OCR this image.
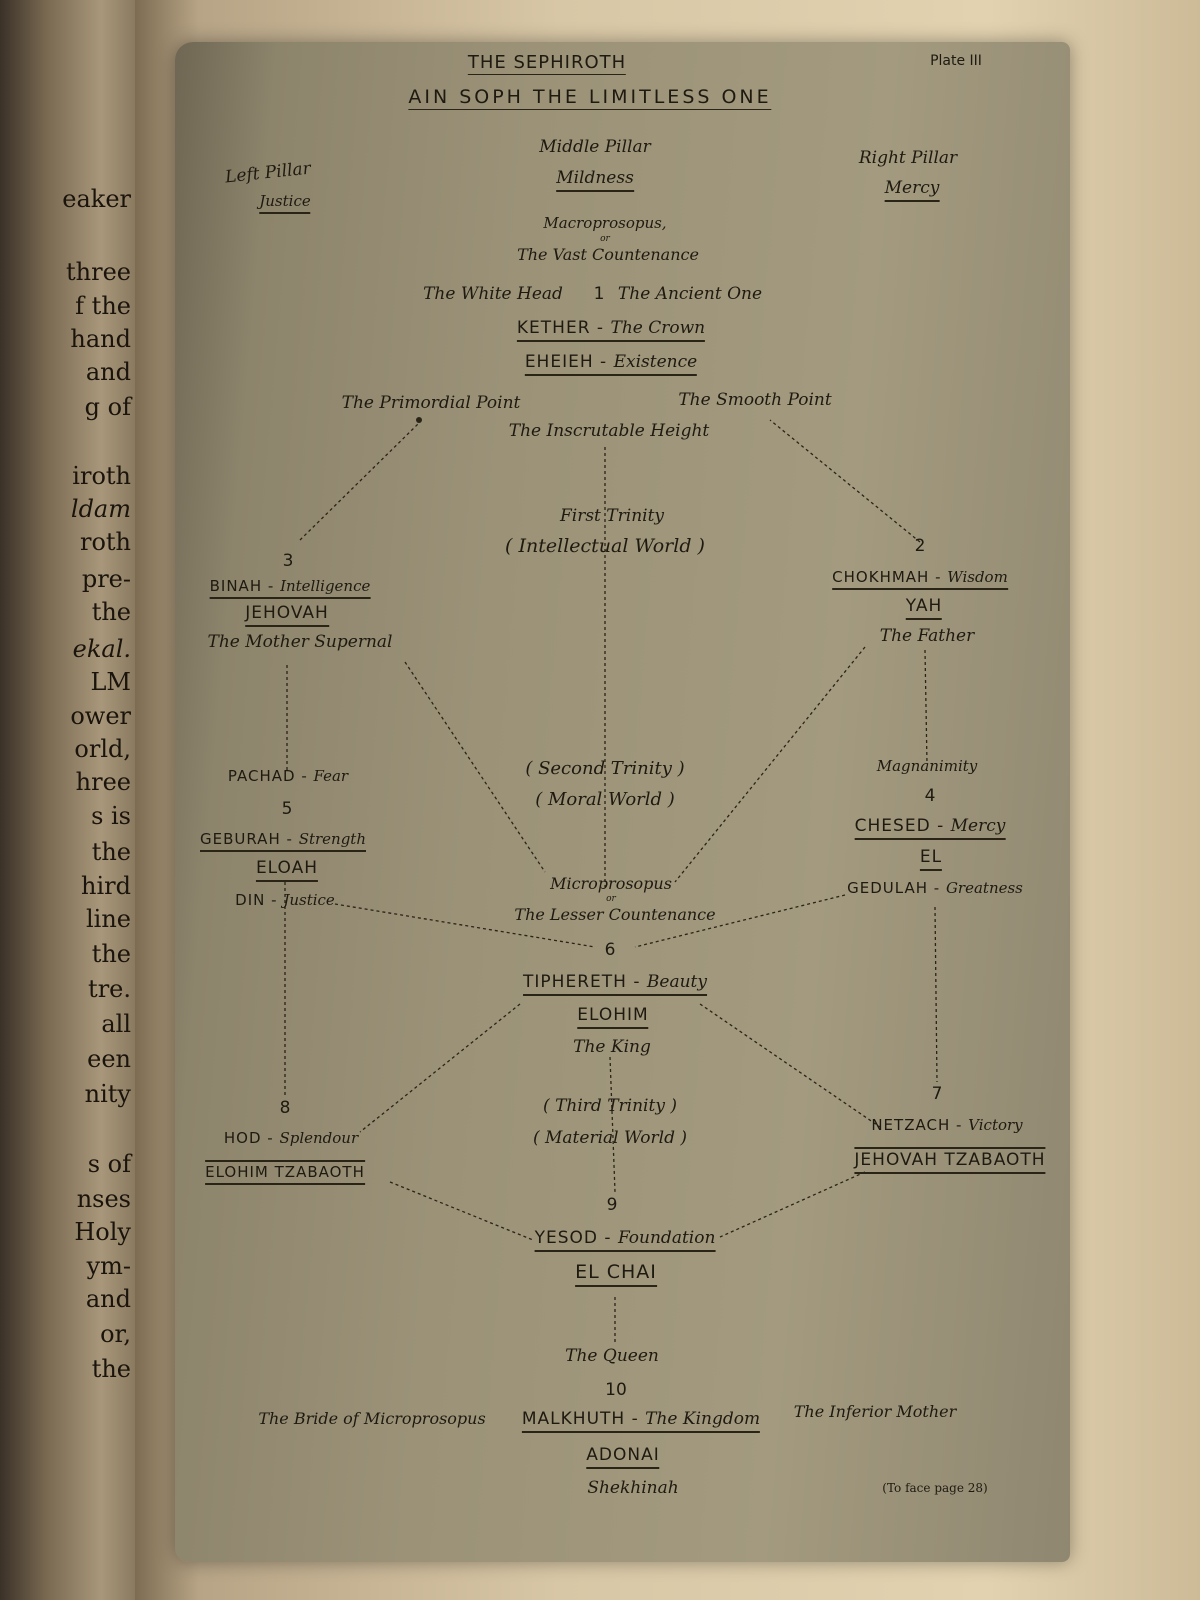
eaker
three
f the
hand
and
g of
iroth
ldam
roth
pre-
the
ekal.
LM
ower
orld,
hree
s is
the
hird
line
the
tre.
all
een
nity
s of
nses
Holy
ym-
and
or,
the
THE SEPHIROTH
AIN SOPH THE LIMITLESS ONE
Plate III
Left Pillar
Justice
Middle Pillar
Mildness
Right Pillar
Mercy
Macroprosopus,
or
The Vast Countenance
The White Head 1 The Ancient One
KETHER - The Crown
EHEIEH - Existence
The Primordial Point	The Smooth Point
The Inscrutable Height
First Trinity
( Intellectual World )
3
BINAH - Intelligence
JEHOVAH
The Mother Supernal
2
CHOKHMAH - Wisdom
YAH
The Father
( Second Trinity )
( Moral World )
PACHAD - Fear
5
GEBURAH - Strength
ELOAH
DIN - Justice
Magnanimity
4
CHESED - Mercy
EL
GEDULAH - Greatness
Microprosopus
or
The Lesser Countenance
6
TIPHERETH - Beauty
ELOHIM
The King
( Third Trinity )
( Material World )
8
HOD - Splendour
ELOHIM TZABAOTH
7
NETZACH - Victory
JEHOVAH TZABAOTH
9
YESOD - Foundation
EL CHAI
The Queen
10
The Bride of Microprosopus MALKHUTH - The Kingdom The Inferior Mother
ADONAI
Shekhinah	(To face page 28)
